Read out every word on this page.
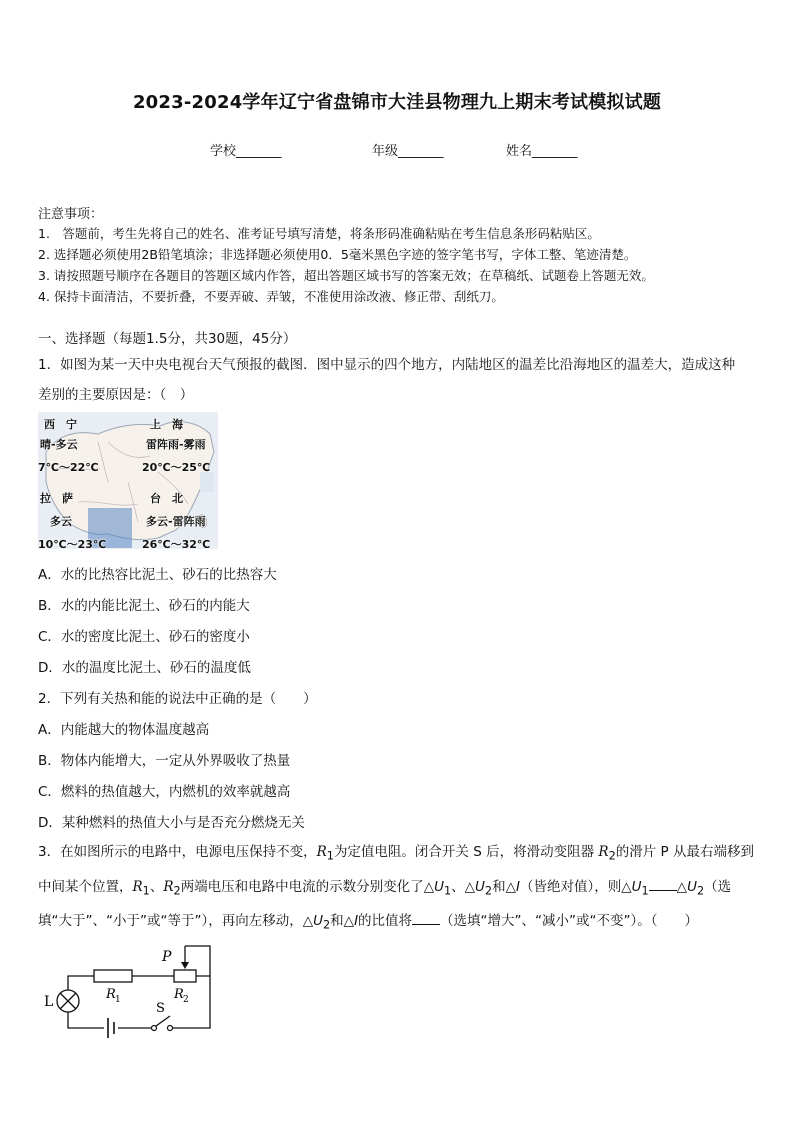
2023-2024学年辽宁省盘锦市大洼县物理九上期末考试模拟试题
学校_______	年级_______	姓名_______
注意事项：
1.　答题前，考生先将自己的姓名、准考证号填写清楚，将条形码准确粘贴在考生信息条形码粘贴区。
2. 选择题必须使用2B铅笔填涂；非选择题必须使用0．5毫米黑色字迹的签字笔书写，字体工整、笔迹清楚。
3. 请按照题号顺序在各题目的答题区域内作答，超出答题区域书写的答案无效；在草稿纸、试题卷上答题无效。
4. 保持卡面清洁，不要折叠，不要弄破、弄皱，不准使用涂改液、修正带、刮纸刀。
一、选择题（每题1.5分，共30题，45分）
1．如图为某一天中央电视台天气预报的截图．图中显示的四个地方，内陆地区的温差比沿海地区的温差大，造成这种
差别的主要原因是：（　）
西　宁
晴-多云
7℃～22℃
上　海
雷阵雨-雾雨
20℃～25℃
拉　萨
多云
10℃～23℃
台　北
多云-雷阵雨
26℃～32℃
A．水的比热容比泥土、砂石的比热容大
B．水的内能比泥土、砂石的内能大
C．水的密度比泥土、砂石的密度小
D．水的温度比泥土、砂石的温度低
2．下列有关热和能的说法中正确的是（　　）
A．内能越大的物体温度越高
B．物体内能增大，一定从外界吸收了热量
C．燃料的热值越大，内燃机的效率就越高
D．某种燃料的热值大小与是否充分燃烧无关
3．在如图所示的电路中，电源电压保持不变，$R_1$为定值电阻。闭合开关 S 后，将滑动变阻器 $R_2$的滑片 P 从最右端移到中间某个位置，$R_1$、$R_2$两端电压和电路中电流的示数分别变化了$\triangle U_1$、$\triangle U_2$和△I（皆绝对值），则$\triangle U_1$ $\triangle U_2$（选填“大于”、“小于”或“等于”），再向左移动，$\triangle U_2$和△I的比值将 （选填“增大”、“减小”或“不变”）。（　　）
P
R 1	R 2
L	S
